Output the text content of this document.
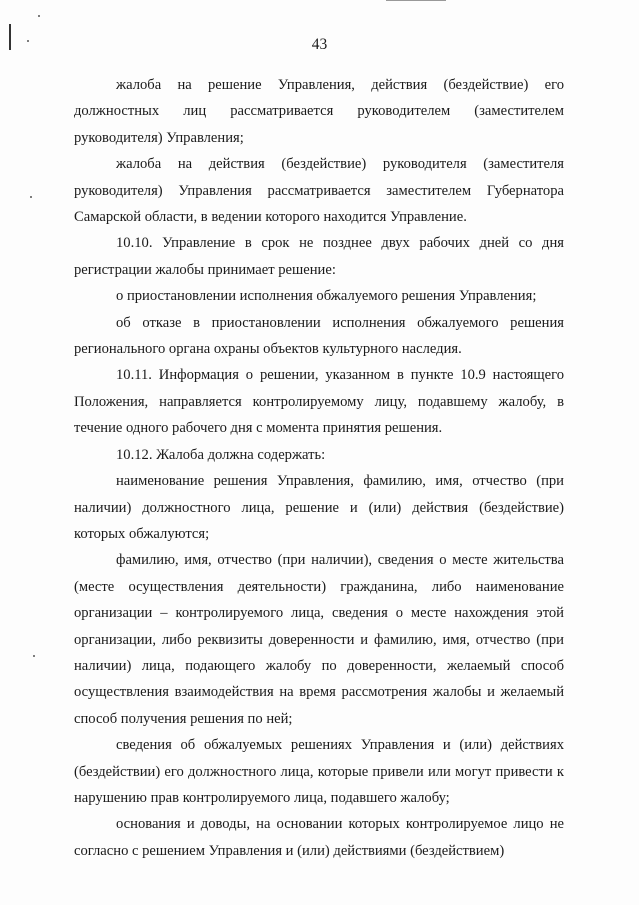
43

жалоба на решение Управления, действия (бездействие) его должностных лиц рассматривается руководителем (заместителем руководителя) Управления;

жалоба на действия (бездействие) руководителя (заместителя руководителя) Управления рассматривается заместителем Губернатора Самарской области, в ведении которого находится Управление.

10.10. Управление в срок не позднее двух рабочих дней со дня регистрации жалобы принимает решение:

о приостановлении исполнения обжалуемого решения Управления;

об отказе в приостановлении исполнения обжалуемого решения регионального органа охраны объектов культурного наследия.

10.11. Информация о решении, указанном в пункте 10.9 настоящего Положения, направляется контролируемому лицу, подавшему жалобу, в течение одного рабочего дня с момента принятия решения.

10.12. Жалоба должна содержать:

наименование решения Управления, фамилию, имя, отчество (при наличии) должностного лица, решение и (или) действия (бездействие) которых обжалуются;

фамилию, имя, отчество (при наличии), сведения о месте жительства (месте осуществления деятельности) гражданина, либо наименование организации – контролируемого лица, сведения о месте нахождения этой организации, либо реквизиты доверенности и фамилию, имя, отчество (при наличии) лица, подающего жалобу по доверенности, желаемый способ осуществления взаимодействия на время рассмотрения жалобы и желаемый способ получения решения по ней;

сведения об обжалуемых решениях Управления и (или) действиях (бездействии) его должностного лица, которые привели или могут привести к нарушению прав контролируемого лица, подавшего жалобу;

основания и доводы, на основании которых контролируемое лицо не согласно с решением Управления и (или) действиями (бездействием)
